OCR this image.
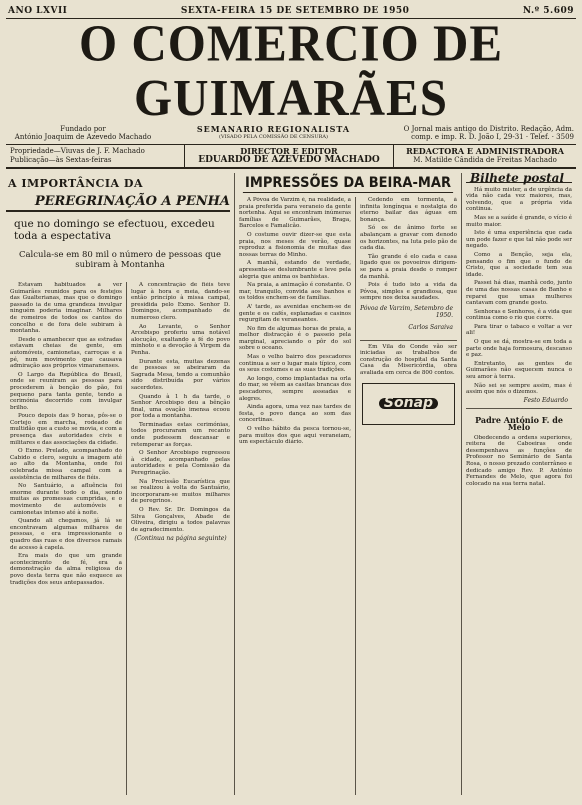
ANO LXVII	SEXTA-FEIRA 15 DE SETEMBRO DE 1950	N.º 5.609
O COMERCIO DE GUIMARÃES
Fundado por
António Joaquim de Azevedo Machado
SEMANARIO REGIONALISTA
(VISADO PELA COMISSÃO DE CENSURA)
O Jornal mais antigo do Distrito. Redação, Adm.
comp. e imp. R. D. João I, 29-31 · Telef. · 3509
Propriedade—Viuvas de J. F. Machado
Publicação—às Sextas-feiras
DIRECTOR E EDITOR
EDUARDO DE AZEVEDO MACHADO
REDACTORA E ADMINISTRADORA
M. Matilde Cândida de Freitas Machado
A IMPORTÂNCIA DA
PEREGRINAÇÃO A PENHA
que no domingo se efectuou, excedeu toda a espectativa
Calcula-se em 80 mil o número de pessoas que subiram à Montanha

Estavam habituados a ver Guimarães reunidos para os festejos das Gualterianas, mas que o domingo passado ia de uma grandeza invulgar ninguém poderia imaginar. Milhares de romeiros de todos os cantos do concelho e de fora dele subiram à montanha.

Desde o amanhecer que as estradas estavam cheias de gente, em automóveis, camionetas, carroças e a pé, num movimento que causava admiração aos próprios vimaranenses.

O Largo da República do Brasil, onde se reuniram as pessoas para procederem à benção do pão, foi pequeno para tanta gente, tendo a cerimónia decorrido com invulgar brilho.

Pouco depois das 9 horas, pôs-se o Cortejo em marcha, rodeado de multidão que a custo se movia, e com a presença das autoridades civis e militares e das associações da cidade.

O Exmo. Prelado, acompanhado do Cabido e clero, seguiu a imagem até ao alto da Montanha, onde foi celebrada missa campal com a assistência de milhares de fiéis.

No Santuário, a afluência foi enorme durante todo o dia, sendo muitas as promessas cumpridas, e o movimento de automóveis e camionetas intenso até à noite.

Quando ali chegamos, já lá se encontravam algumas milhares de pessoas, e era impressionante o quadro das ruas e dos diversos ramais de acesso à capela.

Era mais do que um grande acontecimento de fé, era a demonstração da alma religiosa do povo desta terra que não esquece as tradições dos seus antepassados.

A concentração de fiéis teve lugar à hora e meia, dando-se então princípio à missa campal, presidida pelo Exmo. Senhor D. Domingos, acompanhado de numeroso clero.

Ao Levante, o Senhor Arcebispo proferiu uma notável alocução, exaltando a fé do povo minhoto e a devoção à Virgem da Penha.

Durante esta, muitas dezenas de pessoas se abeiraram da Sagrada Mesa, tendo a comunhão sido distribuída por vários sacerdotes.

Quando à 1 h da tarde, o Senhor Arcebispo deu a bênção final, uma ovação imensa ecoou por toda a montanha.

Terminadas estas cerimónias, todos procuraram um recanto onde pudessem descansar e retemperar as forças.

O Senhor Arcebispo regressou à cidade, acompanhado pelas autoridades e pela Comissão da Peregrinação.

Na Procissão Eucarística que se realizou à volta do Santuário, incorporaram-se muitos milhares de peregrinos.

O Rev. Sr. Dr. Domingos da Silva Gonçalves, Abade de Oliveira, dirigiu a todos palavras de agradecimento.

(Continua na página seguinte)
IMPRESSÕES DA BEIRA-MAR

A Póvoa de Varzim é, na realidade, a praia preferida para veraneio da gente nortenha. Aqui se encontram inúmeras famílias de Guimarães, Braga, Barcelos e Famalicão.

O costume ouvir dizer-se que esta praia, nos meses de verão, quase reproduz a fisionomia de muitas das nossas terras do Minho.

A manhã, estando de verdade, apresenta-se deslumbrante e leve pela alegria que anima os banhistas.

Na praia, a animação é constante. O mar, tranquilo, convida aos banhos e os toldos enchem-se de famílias.

A' tarde, as avenidas enchem-se de gente e os cafés, esplanadas e casinos regurgitam de veraneantes.

No fim de algumas horas de praia, a melhor distracção é o passeio pela marginal, apreciando o pôr do sol sobre o oceano.

Mas o velho bairro dos pescadores continua a ser o lugar mais típico, com os seus costumes e as suas tradições.

Ao longo, como implantadas na orla do mar, se vêem as casitas brancas dos pescadores, sempre asseadas e alegres.

Ainda agora, uma vez nas tardes de festa, o povo dança ao som das concertinas.

O velho hábito da pesca tornou-se, para muitos dos que aqui veraneiam, um espectáculo diário.

Cedendo em tormenta, à infinita longínqua e nostalgia do eterno bailar das águas em bonança.

Só os de ânimo forte se abalançam a gravar com denodo os horizontes, na luta pelo pão de cada dia.

Tão grande é elo cada e casa ligado que os povoeiros dirigem-se para a praia desde o romper da manhã.

Pois é tudo isto a vida da Póvoa, simples e grandiosa, que sempre nos deixa saudades.

Póvoa de Varzim, Setembro de 1950.
Carlos Saraiva

Em Vila do Conde vão ser iniciadas as trabalhos de construção do hospital da Santa Casa da Misericórdia, obra avaliada em cerca de 800 contos.

Sonap
Bilhete postal

Há muito mister, a de urgência da vida não cada vez maiores, mas, volvendo, que a própria vida continua.

Mas se a saúde é grande, o vício é muito maior.

Isto é uma experiência que cada um pode fazer e que tal não pode ser negado.

Como a Benção, seja ela, pensando o fim que o fundo de Cristo, que a sociedade tem sua idade.

Passei há dias, manhã cedo, junto de uma das nossas casas de Banho e reparei que umas mulheres cantavam com grande gosto.

Senhoras e Senhores, é a vida que continua como o rio que corre.

Para tirar o tabaco e voltar a ver ali!

O que se dá, mostra-se em toda a parte onde haja formosura, descanso e paz.

Entretanto, as gentes de Guimarães não esquecem nunca o seu amor à terra.

Não sei se sempre assim, mas é assim que nós o dizemos.

Festo Eduardo
Padre António F. de Melo

Obedecendo a ordens superiores, reitera de Caboeiras onde desempenhava as funções de Professor no Seminário de Santa Rosa, o nosso prezado conterrâneo e dedicado amigo Rev. P. António Fernandes de Melo, que agora foi colocado na sua terra natal.
